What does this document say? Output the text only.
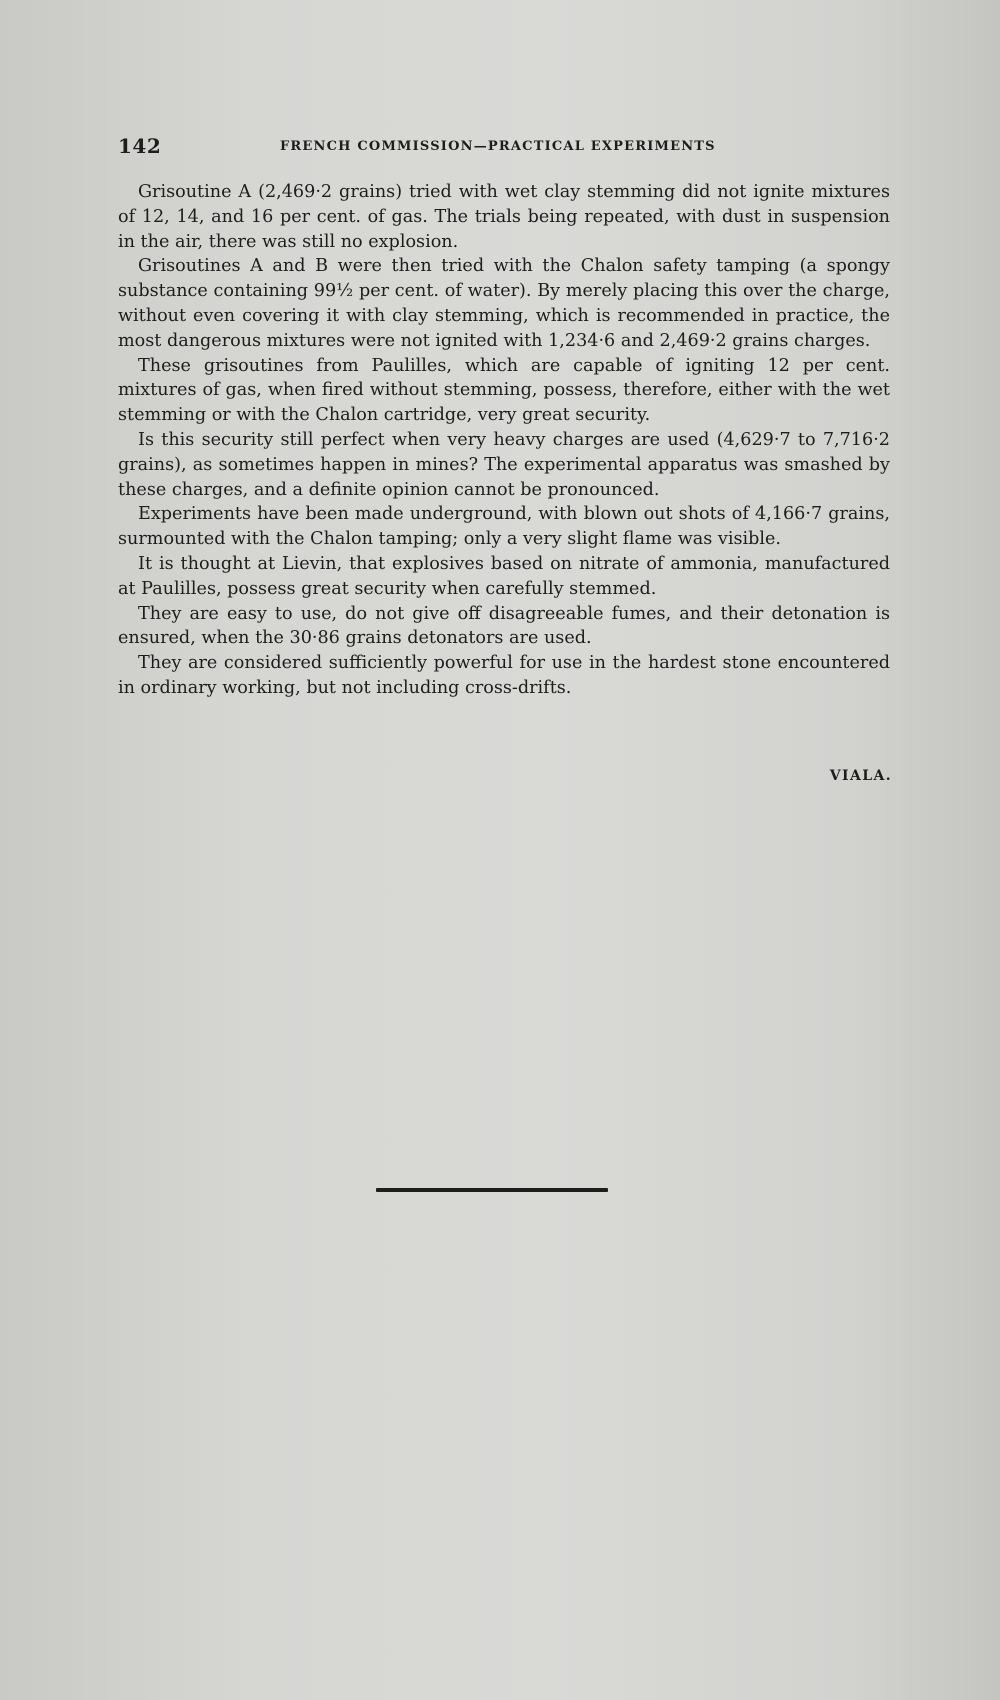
142	FRENCH COMMISSION—PRACTICAL EXPERIMENTS

Grisoutine A (2,469·2 grains) tried with wet clay stemming did not ignite mixtures of 12, 14, and 16 per cent. of gas. The trials being repeated, with dust in suspension in the air, there was still no explosion.

Grisoutines A and B were then tried with the Chalon safety tamping (a spongy substance containing 99½ per cent. of water). By merely placing this over the charge, without even covering it with clay stemming, which is recommended in practice, the most dangerous mixtures were not ignited with 1,234·6 and 2,469·2 grains charges.

These grisoutines from Paulilles, which are capable of igniting 12 per cent. mixtures of gas, when fired without stemming, possess, therefore, either with the wet stemming or with the Chalon cartridge, very great security.

Is this security still perfect when very heavy charges are used (4,629·7 to 7,716·2 grains), as sometimes happen in mines? The experimental apparatus was smashed by these charges, and a definite opinion cannot be pronounced.

Experiments have been made underground, with blown out shots of 4,166·7 grains, surmounted with the Chalon tamping; only a very slight flame was visible.

It is thought at Lievin, that explosives based on nitrate of ammonia, manufactured at Paulilles, possess great security when carefully stemmed.

They are easy to use, do not give off disagreeable fumes, and their detonation is ensured, when the 30·86 grains detonators are used.

They are considered sufficiently powerful for use in the hardest stone encountered in ordinary working, but not including cross-drifts.

VIALA.
